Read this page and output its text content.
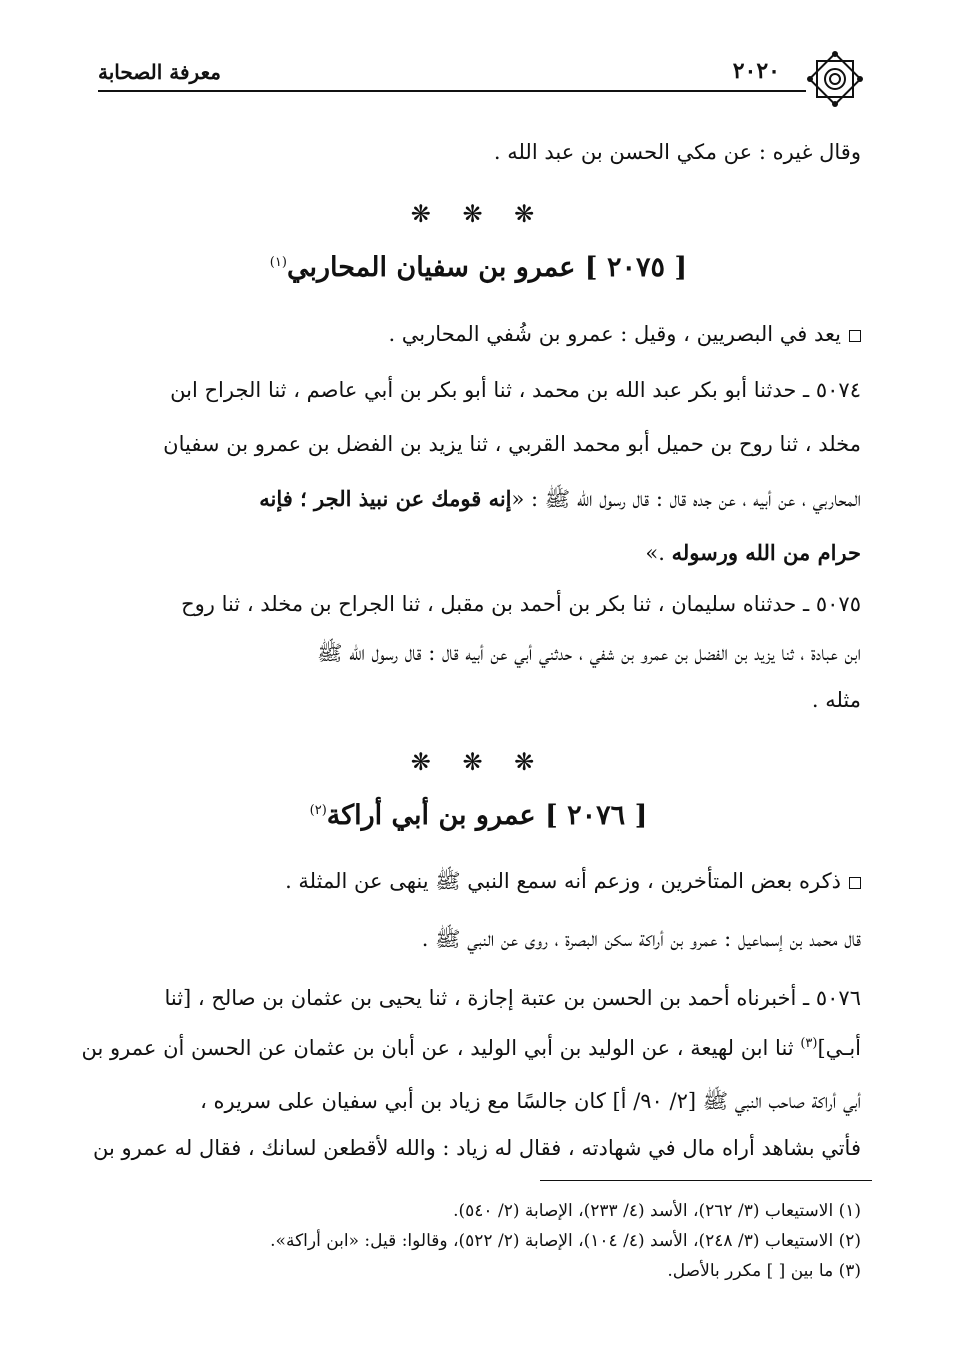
٢٠٢٠
معرفة الصحابة
وقال غيره : عن مكي الحسن بن عبد الله .
❋ ❋ ❋
[ ٢٠٧٥ ] عمرو بن سفيان المحاربي$^{(١)}$
يعد في البصريين ، وقيل : عمرو بن شُفي المحاربي .
٥٠٧٤ ـ حدثنا أبو بكر عبد الله بن محمد ، ثنا أبو بكر بن أبي عاصم ، ثنا الجراح ابن
مخلد ، ثنا روح بن حميل أبو محمد القربي ، ثنا يزيد بن الفضل بن عمرو بن سفيان
المحاربي ، عن أبيه ، عن جده قال : قال رسول الله ﷺ : «إنه قومك عن نبيذ الجر ؛ فإنه
حرام من الله ورسوله .»
٥٠٧٥ ـ حدثناه سليمان ، ثنا بكر بن أحمد بن مقبل ، ثنا الجراح بن مخلد ، ثنا روح
ابن عبادة ، ثنا يزيد بن الفضل بن عمرو بن شفي ، حدثني أبي عن أبيه قال : قال رسول الله ﷺ
مثله .
❋ ❋ ❋
[ ٢٠٧٦ ] عمرو بن أبي أراكة$^{(٢)}$
ذكره بعض المتأخرين ، وزعم أنه سمع النبي ﷺ ينهى عن المثلة .
قال محمد بن إسماعيل : عمرو بن أراكة سكن البصرة ، روى عن النبي ﷺ .
٥٠٧٦ ـ أخبرناه أحمد بن الحسن بن عتبة إجازة ، ثنا يحيى بن عثمان بن صالح ، [ثنا
أبـي]$^{(٣)}$ ثنا ابن لهيعة ، عن الوليد بن أبي الوليد ، عن أبان بن عثمان عن الحسن أن عمرو بن
أبي أراكة صاحب النبي ﷺ [٢/ ٩٠/ أ] كان جالسًا مع زياد بن أبي سفيان على سريره ،
فأتي بشاهد أراه مال في شهادته ، فقال له زياد : والله لأقطعن لسانك ، فقال له عمرو بن

(١) الاستيعاب (٣/ ٢٦٢)، الأسد (٤/ ٢٣٣)، الإصابة (٢/ ٥٤٠).

(٢) الاستيعاب (٣/ ٢٤٨)، الأسد (٤/ ١٠٤)، الإصابة (٢/ ٥٢٢)، وقالوا: قيل: «ابن أراكة».

(٣) ما بين [ ] مكرر بالأصل.
